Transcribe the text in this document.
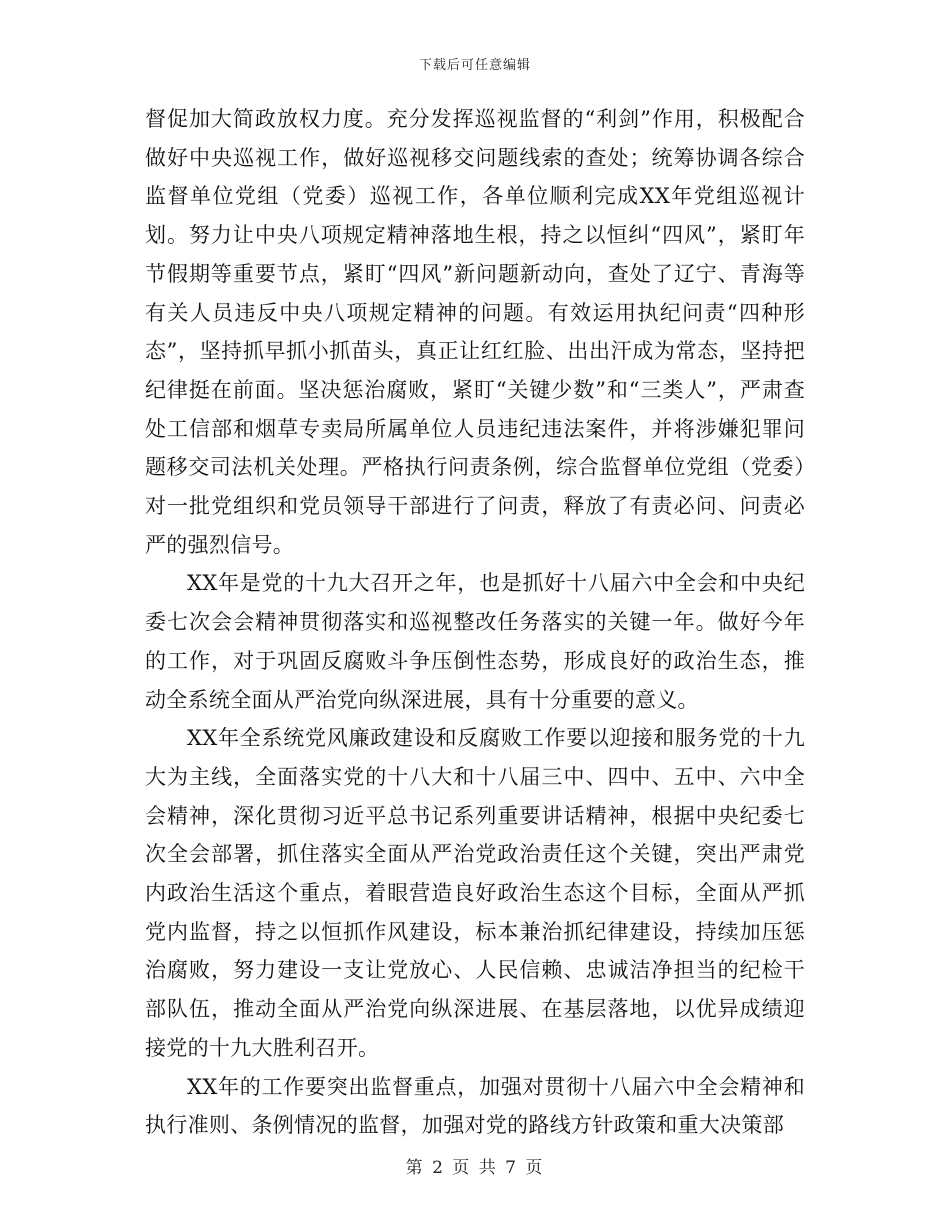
下载后可任意编辑

督促加大简政放权力度。充分发挥巡视监督的“利剑”作用，积极配合做好中央巡视工作，做好巡视移交问题线索的查处；统筹协调各综合监督单位党组（党委）巡视工作，各单位顺利完成XX年党组巡视计划。努力让中央八项规定精神落地生根，持之以恒纠“四风”，紧盯年节假期等重要节点，紧盯“四风”新问题新动向，查处了辽宁、青海等有关人员违反中央八项规定精神的问题。有效运用执纪问责“四种形态”，坚持抓早抓小抓苗头，真正让红红脸、出出汗成为常态，坚持把纪律挺在前面。坚决惩治腐败，紧盯“关键少数”和“三类人”，严肃查处工信部和烟草专卖局所属单位人员违纪违法案件，并将涉嫌犯罪问题移交司法机关处理。严格执行问责条例，综合监督单位党组（党委）对一批党组织和党员领导干部进行了问责，释放了有责必问、问责必严的强烈信号。

XX年是党的十九大召开之年，也是抓好十八届六中全会和中央纪委七次会会精神贯彻落实和巡视整改任务落实的关键一年。做好今年的工作，对于巩固反腐败斗争压倒性态势，形成良好的政治生态，推动全系统全面从严治党向纵深进展，具有十分重要的意义。

XX年全系统党风廉政建设和反腐败工作要以迎接和服务党的十九大为主线，全面落实党的十八大和十八届三中、四中、五中、六中全会精神，深化贯彻习近平总书记系列重要讲话精神，根据中央纪委七次全会部署，抓住落实全面从严治党政治责任这个关键，突出严肃党内政治生活这个重点，着眼营造良好政治生态这个目标，全面从严抓党内监督，持之以恒抓作风建设，标本兼治抓纪律建设，持续加压惩治腐败，努力建设一支让党放心、人民信赖、忠诚洁净担当的纪检干部队伍，推动全面从严治党向纵深进展、在基层落地，以优异成绩迎接党的十九大胜利召开。

XX年的工作要突出监督重点，加强对贯彻十八届六中全会精神和执行准则、条例情况的监督，加强对党的路线方针政策和重大决策部

第 2 页 共 7 页
